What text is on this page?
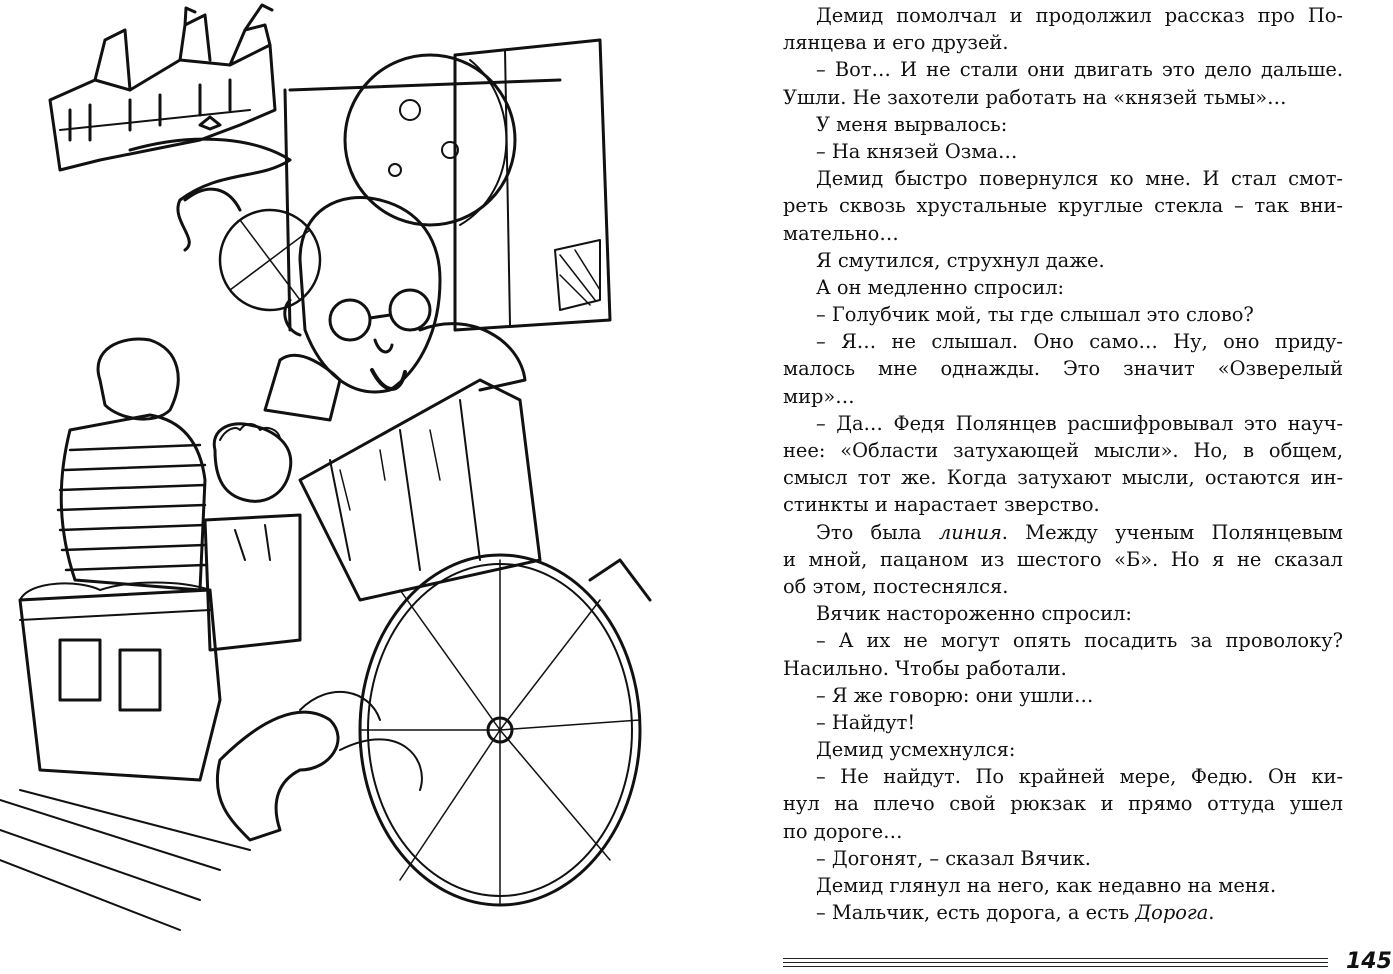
Демид помолчал и продолжил рассказ про По-
лянцева и его друзей.
– Вот… И не стали они двигать это дело дальше.
Ушли. Не захотели работать на «князей тьмы»…
У меня вырвалось:
– На князей Озма…
Демид быстро повернулся ко мне. И стал смот-
реть сквозь хрустальные круглые стекла – так вни-
мательно…
Я смутился, струхнул даже.
А он медленно спросил:
– Голубчик мой, ты где слышал это слово?
– Я… не слышал. Оно само… Ну, оно приду-
малось мне однажды. Это значит «Озверелый
мир»…
– Да… Федя Полянцев расшифровывал это науч-
нее: «Области затухающей мысли». Но, в общем,
смысл тот же. Когда затухают мысли, остаются ин-
стинкты и нарастает зверство.
Это была линия. Между ученым Полянцевым
и мной, пацаном из шестого «Б». Но я не сказал
об этом, постеснялся.
Вячик настороженно спросил:
– А их не могут опять посадить за проволоку?
Насильно. Чтобы работали.
– Я же говорю: они ушли…
– Найдут!
Демид усмехнулся:
– Не найдут. По крайней мере, Федю. Он ки-
нул на плечо свой рюкзак и прямо оттуда ушел
по дороге…
– Догонят, – сказал Вячик.
Демид глянул на него, как недавно на меня.
– Мальчик, есть дорога, а есть Дорога.
145
